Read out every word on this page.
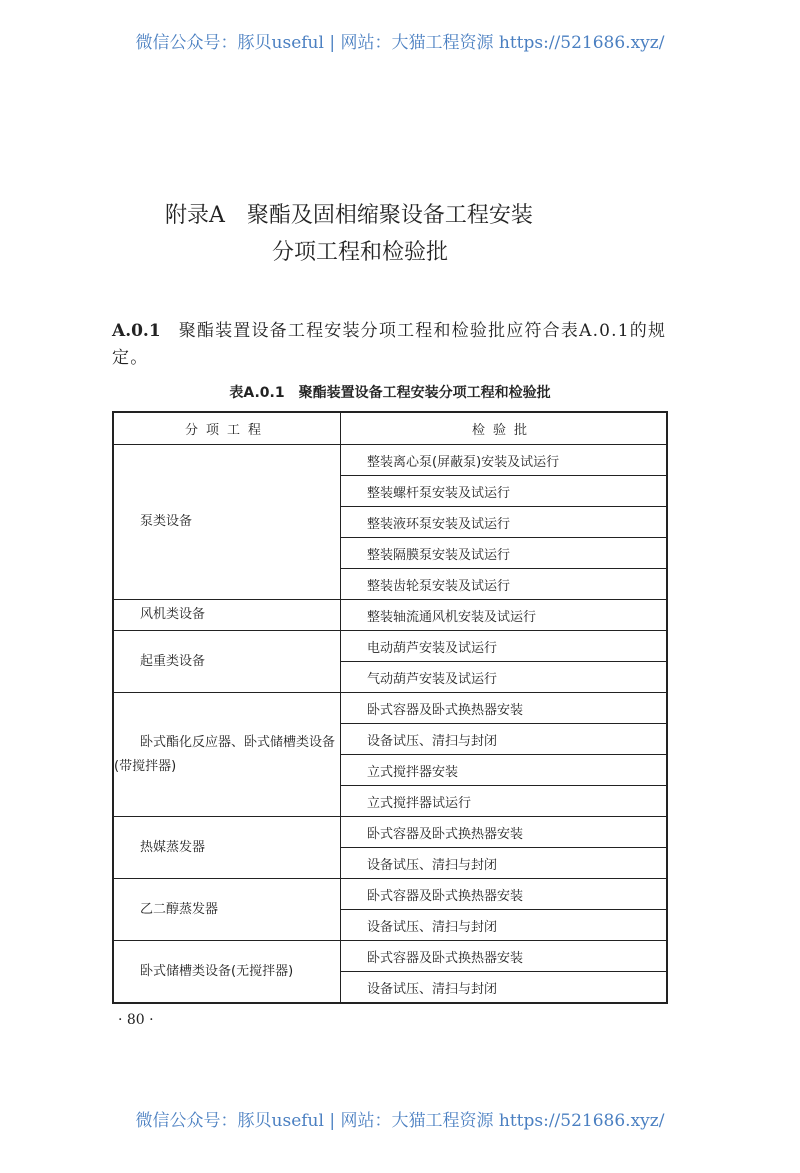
微信公众号：豚贝useful | 网站：大猫工程资源 https://521686.xyz/
附录A　聚酯及固相缩聚设备工程安装
分项工程和检验批
A.0.1 聚酯装置设备工程安装分项工程和检验批应符合表A.0.1的规定。
表A.0.1　聚酯装置设备工程安装分项工程和检验批
分项工程	检验批
泵类设备	整装离心泵(屏蔽泵)安装及试运行
	整装螺杆泵安装及试运行
	整装液环泵安装及试运行
	整装隔膜泵安装及试运行
	整装齿轮泵安装及试运行
风机类设备	整装轴流通风机安装及试运行
起重类设备	电动葫芦安装及试运行
	气动葫芦安装及试运行
卧式酯化反应器、卧式储槽类设备(带搅拌器)	卧式容器及卧式换热器安装
	设备试压、清扫与封闭
	立式搅拌器安装
	立式搅拌器试运行
热媒蒸发器	卧式容器及卧式换热器安装
	设备试压、清扫与封闭
乙二醇蒸发器	卧式容器及卧式换热器安装
	设备试压、清扫与封闭
卧式储槽类设备(无搅拌器)	卧式容器及卧式换热器安装
	设备试压、清扫与封闭
· 80 ·
微信公众号：豚贝useful | 网站：大猫工程资源 https://521686.xyz/
